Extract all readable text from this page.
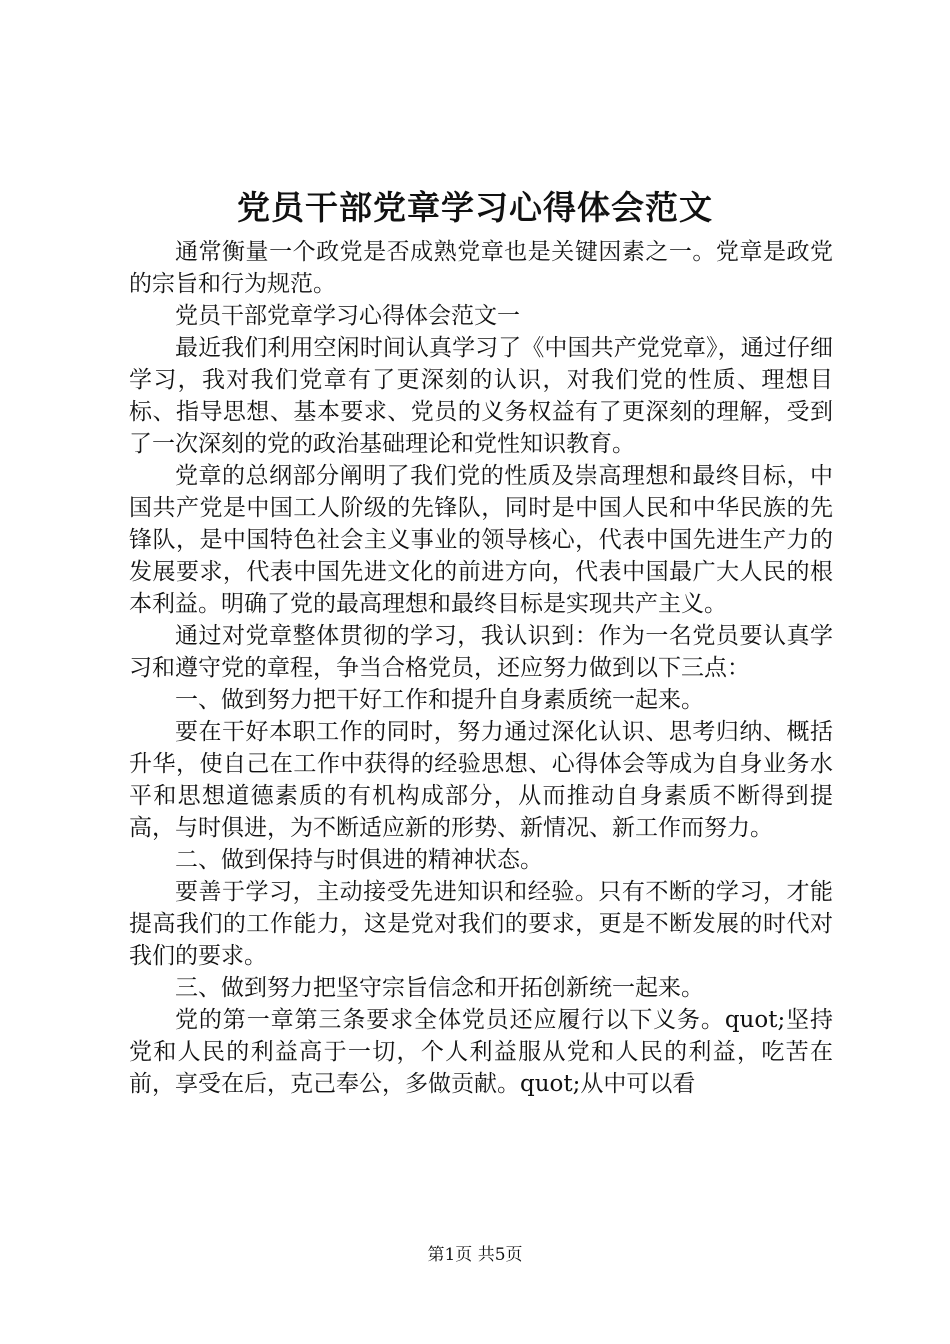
党员干部党章学习心得体会范文

通常衡量一个政党是否成熟党章也是关键因素之一。党章是政党的宗旨和行为规范。

党员干部党章学习心得体会范文一

最近我们利用空闲时间认真学习了《中国共产党党章》，通过仔细学习，我对我们党章有了更深刻的认识，对我们党的性质、理想目标、指导思想、基本要求、党员的义务权益有了更深刻的理解，受到了一次深刻的党的政治基础理论和党性知识教育。

党章的总纲部分阐明了我们党的性质及崇高理想和最终目标，中国共产党是中国工人阶级的先锋队，同时是中国人民和中华民族的先锋队，是中国特色社会主义事业的领导核心，代表中国先进生产力的发展要求，代表中国先进文化的前进方向，代表中国最广大人民的根本利益。明确了党的最高理想和最终目标是实现共产主义。

通过对党章整体贯彻的学习，我认识到：作为一名党员要认真学习和遵守党的章程，争当合格党员，还应努力做到以下三点：

一、做到努力把干好工作和提升自身素质统一起来。

要在干好本职工作的同时，努力通过深化认识、思考归纳、概括升华，使自己在工作中获得的经验思想、心得体会等成为自身业务水平和思想道德素质的有机构成部分，从而推动自身素质不断得到提高，与时俱进，为不断适应新的形势、新情况、新工作而努力。

二、做到保持与时俱进的精神状态。

要善于学习，主动接受先进知识和经验。只有不断的学习，才能提高我们的工作能力，这是党对我们的要求，更是不断发展的时代对我们的要求。

三、做到努力把坚守宗旨信念和开拓创新统一起来。

党的第一章第三条要求全体党员还应履行以下义务。quot;坚持党和人民的利益高于一切，个人利益服从党和人民的利益，吃苦在前，享受在后，克己奉公，多做贡献。quot;从中可以看

第1页 共5页
